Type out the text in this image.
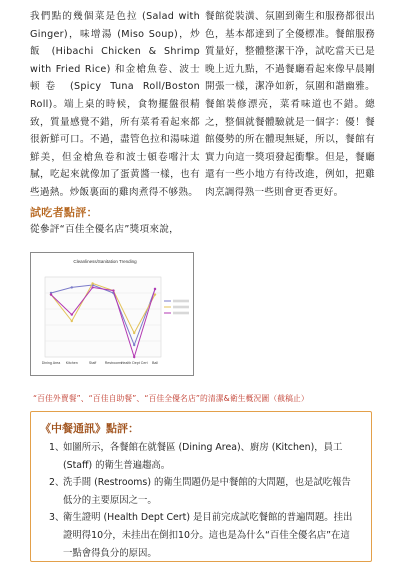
我們點的幾個菜是色拉 (Salad with Ginger)，味增湯 (Miso Soup)，炒飯 (Hibachi Chicken & Shrimp with Fried Rice) 和金槍魚卷、波士顿卷 (Spicy Tuna Roll/Boston Roll)。端上桌的時候，食物擺盤很精致，質量感覺不錯，所有菜肴看起來都很新鮮可口。不過，盡管色拉和湯味道鮮美，但金槍魚卷和波士頓卷嚐汁太膩，吃起來就像加了蛋黄醬一樣，也有些過熱。炒飯裏面的雞肉煮得不够熟。

試吃者點評：

從參評“百佳全優名店”獎項來說，

餐館從裝潢、氛圍到衛生和服務都很出色，基本都達到了全優標准。餐館服務質量好，整體整潔干净，試吃當天已是晚上近九點，不過餐廳看起來像早晨剛開張一樣，潔净如新，氛圍和諧幽雅。餐館裝修漂亮，菜肴味道也不錯。總之，整個就餐體驗就是一個字：優！餐館優勢的所在體現無疑，所以，餐館有實力向這一獎項發起衝擊。但是，餐廳還有一些小地方有待改進，例如，把雞肉烹調得熟一些則會更香更好。

Cleanliness/Sanitation Trending
Dining Area Kitchen	Staff Restrooms
Health Dept Cert Ball
“百佳外賣餐”、“百佳自助餐”、“百佳全優名店”的清潔&衛生概況圖（截稿止）
《中餐通訊》點評：
1、
如圖所示，各餐館在就餐區 (Dining Area)、廚房 (Kitchen)，員工 (Staff) 的衛生普遍趨高。
2、
洗手間 (Restrooms) 的衛生問題仍是中餐館的大問題，也是試吃報告低分的主要原因之一。
3、
衛生證明 (Health Dept Cert) 是目前完成試吃餐館的普遍問題。挂出證明得10分，未挂出在倒扣10分。這也是為什么“百佳全優名店”在這一點會得負分的原因。
